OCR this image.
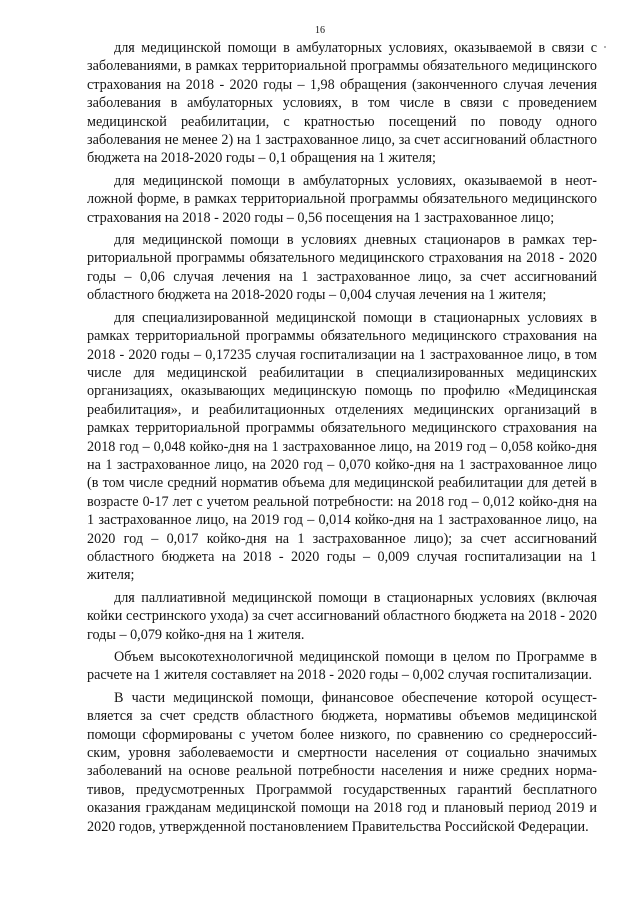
16

для медицинской помощи в амбулаторных условиях, оказываемой в связи с заболеваниями, в рамках территориальной программы обязательного медицинского страхования на 2018 - 2020 годы – 1,98 обращения (законченного случая лечения заболевания в амбулаторных условиях, в том числе в связи с проведением медицинской реабилитации, с кратностью посещений по поводу одного заболевания не менее 2) на 1 застрахованное лицо, за счет ассигнований областного бюджета на 2018-2020 годы – 0,1 обращения на 1 жителя;

для медицинской помощи в амбулаторных условиях, оказываемой в неотложной форме, в рамках территориальной программы обязательного медицинского страхования на 2018 - 2020 годы – 0,56 посещения на 1 застрахованное лицо;

для медицинской помощи в условиях дневных стационаров в рамках территориальной программы обязательного медицинского страхования на 2018 - 2020 годы – 0,06 случая лечения на 1 застрахованное лицо, за счет ассигнований областного бюджета на 2018-2020 годы – 0,004 случая лечения на 1 жителя;

для специализированной медицинской помощи в стационарных условиях в рамках территориальной программы обязательного медицинского страхования на 2018 - 2020 годы – 0,17235 случая госпитализации на 1 застрахованное лицо, в том числе для медицинской реабилитации в специализированных медицинских организациях, оказывающих медицинскую помощь по профилю «Медицинская реабилитация», и реабилитационных отделениях медицинских организаций в рамках территориальной программы обязательного медицинского страхования на 2018 год – 0,048 койко-дня на 1 застрахованное лицо, на 2019 год – 0,058 койко-дня на 1 застрахованное лицо, на 2020 год – 0,070 койко-дня на 1 застрахованное лицо (в том числе средний норматив объема для медицинской реабилитации для детей в возрасте 0-17 лет с учетом реальной потребности: на 2018 год – 0,012 койко-дня на 1 застрахованное лицо, на 2019 год – 0,014 койко-дня на 1 застрахованное лицо, на 2020 год – 0,017 койко-дня на 1 застрахованное лицо); за счет ассигнований областного бюджета на 2018 - 2020 годы – 0,009 случая госпитализации на 1 жителя;

для паллиативной медицинской помощи в стационарных условиях (включая койки сестринского ухода) за счет ассигнований областного бюджета на 2018 - 2020 годы – 0,079 койко-дня на 1 жителя.

Объем высокотехнологичной медицинской помощи в целом по Программе в расчете на 1 жителя составляет на 2018 - 2020 годы – 0,002 случая госпитализации.

В части медицинской помощи, финансовое обеспечение которой осуществляется за счет средств областного бюджета, нормативы объемов медицинской помощи сформированы с учетом более низкого, по сравнению со среднероссийским, уровня заболеваемости и смертности населения от социально значимых заболеваний на основе реальной потребности населения и ниже средних нормативов, предусмотренных Программой государственных гарантий бесплатного оказания гражданам медицинской помощи на 2018 год и плановый период 2019 и 2020 годов, утвержденной постановлением Правительства Российской Федерации.
